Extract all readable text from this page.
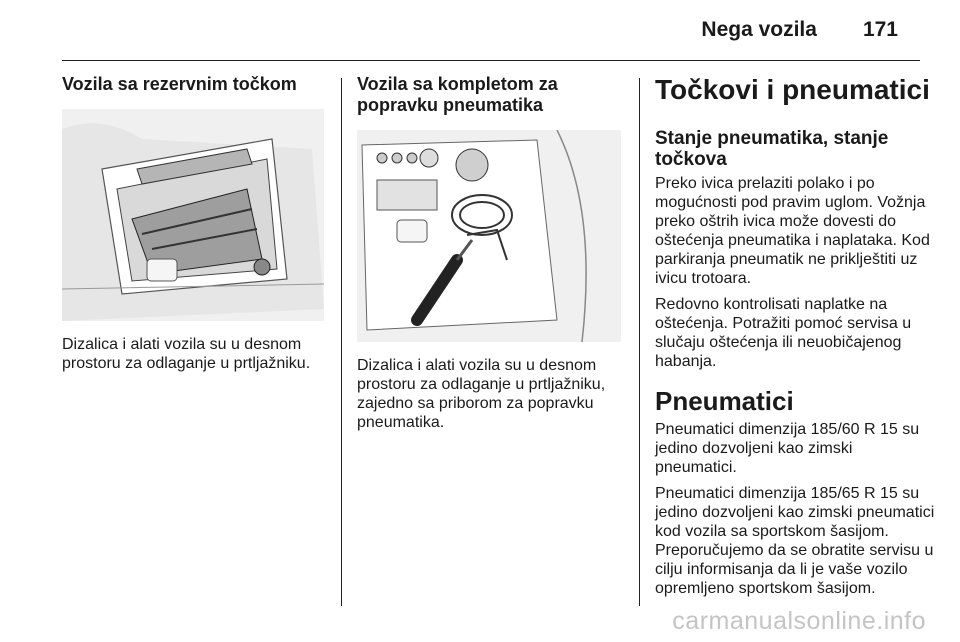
Nega vozila 171
Vozila sa rezervnim točkom

Dizalica i alati vozila su u desnom prostoru za odlaganje u prtljažniku.

Vozila sa kompletom za popravku pneumatika

Dizalica i alati vozila su u desnom prostoru za odlaganje u prtljažniku, zajedno sa priborom za popravku pneumatika.

Točkovi i pneumatici
Stanje pneumatika, stanje točkova

Preko ivica prelaziti polako i po mogućnosti pod pravim uglom. Vožnja preko oštrih ivica može dovesti do oštećenja pneumatika i naplataka. Kod parkiranja pneumatik ne priklještiti uz ivicu trotoara.

Redovno kontrolisati naplatke na oštećenja. Potražiti pomoć servisa u slučaju oštećenja ili neuobičajenog habanja.

Pneumatici

Pneumatici dimenzija 185/60 R 15 su jedino dozvoljeni kao zimski pneumatici.

Pneumatici dimenzija 185/65 R 15 su jedino dozvoljeni kao zimski pneumatici kod vozila sa sportskom šasijom. Preporučujemo da se obratite servisu u cilju informisanja da li je vaše vozilo opremljeno sportskom šasijom.

carmanualsonline.info
